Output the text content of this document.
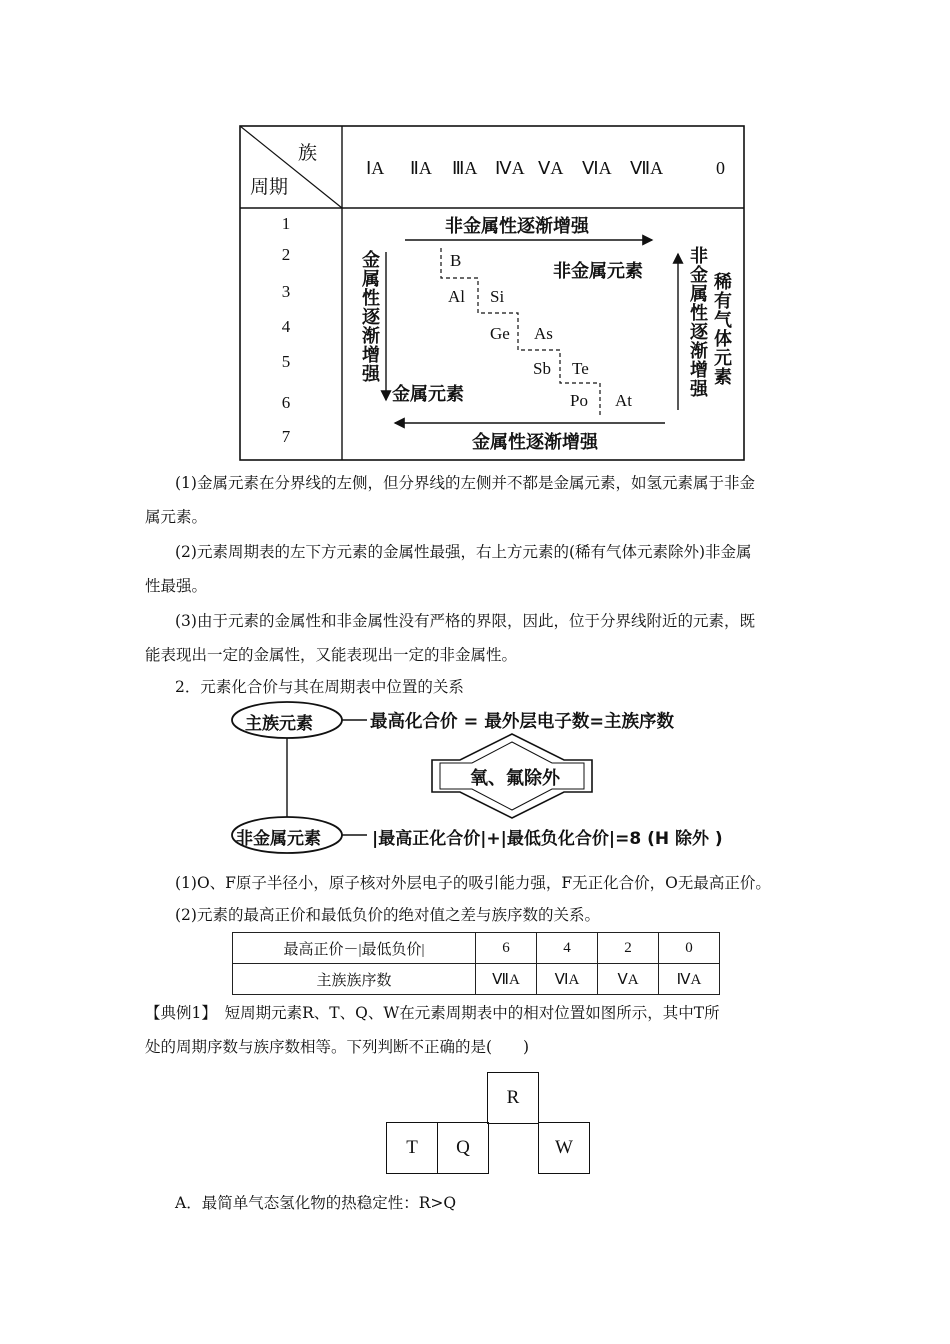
族
周期
ⅠA ⅡA ⅢA ⅣA ⅤA ⅥA ⅦA	0
1
2
3
4
5
6
7
非金属性逐渐增强
金属性逐渐增强
金属性逐渐增强	非金属性逐渐增强 稀有气体元素
金属元素
非金属元素
B
Al Si
Ge As
Sb Te
Po At
(1)金属元素在分界线的左侧，但分界线的左侧并不都是金属元素，如氢元素属于非金
属元素。
(2)元素周期表的左下方元素的金属性最强，右上方元素的(稀有气体元素除外)非金属
性最强。
(3)由于元素的金属性和非金属性没有严格的界限，因此，位于分界线附近的元素，既
能表现出一定的金属性，又能表现出一定的非金属性。
2．元素化合价与其在周期表中位置的关系
主族元素	最高化合价 = 最外层电子数=主族序数
氧、氟除外
非金属元素	|最高正化合价|+|最低负化合价|=8 (H 除外 )
(1)O、F原子半径小，原子核对外层电子的吸引能力强，F无正化合价，O无最高正价。
(2)元素的最高正价和最低负价的绝对值之差与族序数的关系。
最高正价－|最低负价|	6	4	2	0
主族族序数	ⅦA	ⅥA	ⅤA	ⅣA
【典例1】　短周期元素R、T、Q、W在元素周期表中的相对位置如图所示，其中T所
处的周期序数与族序数相等。下列判断不正确的是(　　)
R
T	Q	W
A．最简单气态氢化物的热稳定性：R>Q
